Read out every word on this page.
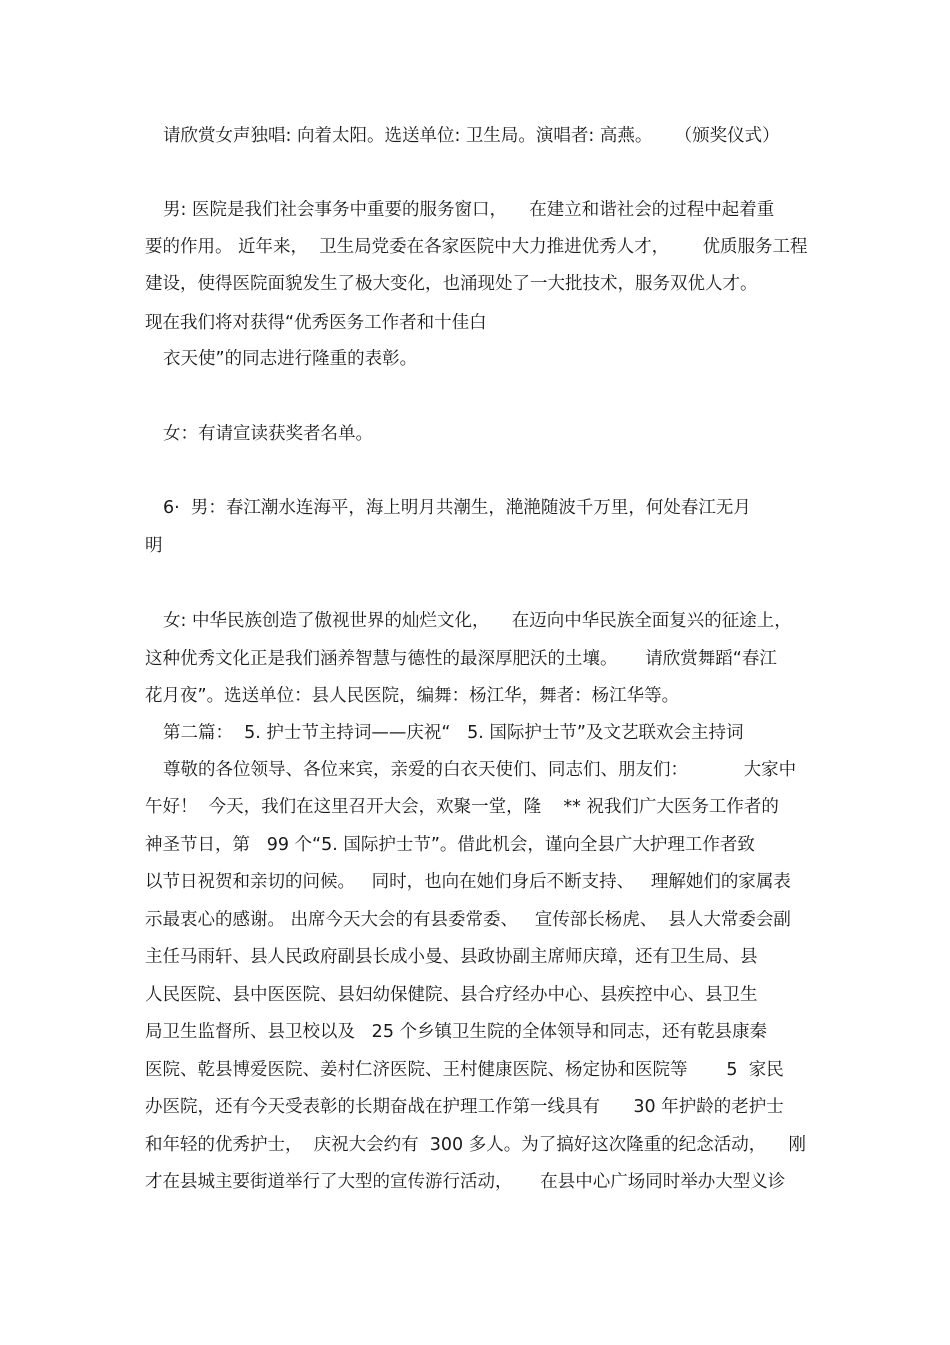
请欣赏女声独唱: 向着太阳。选送单位: 卫生局。演唱者: 高燕。    （颁奖仪式）
男: 医院是我们社会事务中重要的服务窗口，    在建立和谐社会的过程中起着重
要的作用。 近年来，  卫生局党委在各家医院中大力推进优秀人才，      优质服务工程
建设，使得医院面貌发生了极大变化，也涌现处了一大批技术，服务双优人才。
现在我们将对获得“优秀医务工作者和十佳白
衣天使”的同志进行隆重的表彰。
女：有请宣读获奖者名单。
6·  男：春江潮水连海平，海上明月共潮生，滟滟随波千万里，何处春江无月
明
女: 中华民族创造了傲视世界的灿烂文化，    在迈向中华民族全面复兴的征途上，
这种优秀文化正是我们涵养智慧与德性的最深厚肥沃的土壤。     请欣赏舞蹈“春江
花月夜”。选送单位：县人民医院，编舞：杨江华，舞者：杨江华等。
第二篇：  5. 护士节主持词——庆祝“   5. 国际护士节”及文艺联欢会主持词
尊敬的各位领导、各位来宾，亲爱的白衣天使们、同志们、朋友们：          大家中
午好！  今天，我们在这里召开大会，欢聚一堂，隆    ** 祝我们广大医务工作者的
神圣节日，第   99 个“5. 国际护士节”。借此机会，谨向全县广大护理工作者致
以节日祝贺和亲切的问候。   同时，也向在她们身后不断支持、   理解她们的家属表
示最衷心的感谢。 出席今天大会的有县委常委、   宣传部长杨虎、  县人大常委会副
主任马雨轩、县人民政府副县长成小曼、县政协副主席师庆璋，还有卫生局、县
人民医院、县中医医院、县妇幼保健院、县合疗经办中心、县疾控中心、县卫生
局卫生监督所、县卫校以及   25 个乡镇卫生院的全体领导和同志，还有乾县康秦
医院、乾县博爱医院、姜村仁济医院、王村健康医院、杨定协和医院等       5  家民
办医院，还有今天受表彰的长期奋战在护理工作第一线具有      30 年护龄的老护士
和年轻的优秀护士，  庆祝大会约有  300 多人。为了搞好这次隆重的纪念活动，    刚
才在县城主要街道举行了大型的宣传游行活动，     在县中心广场同时举办大型义诊
